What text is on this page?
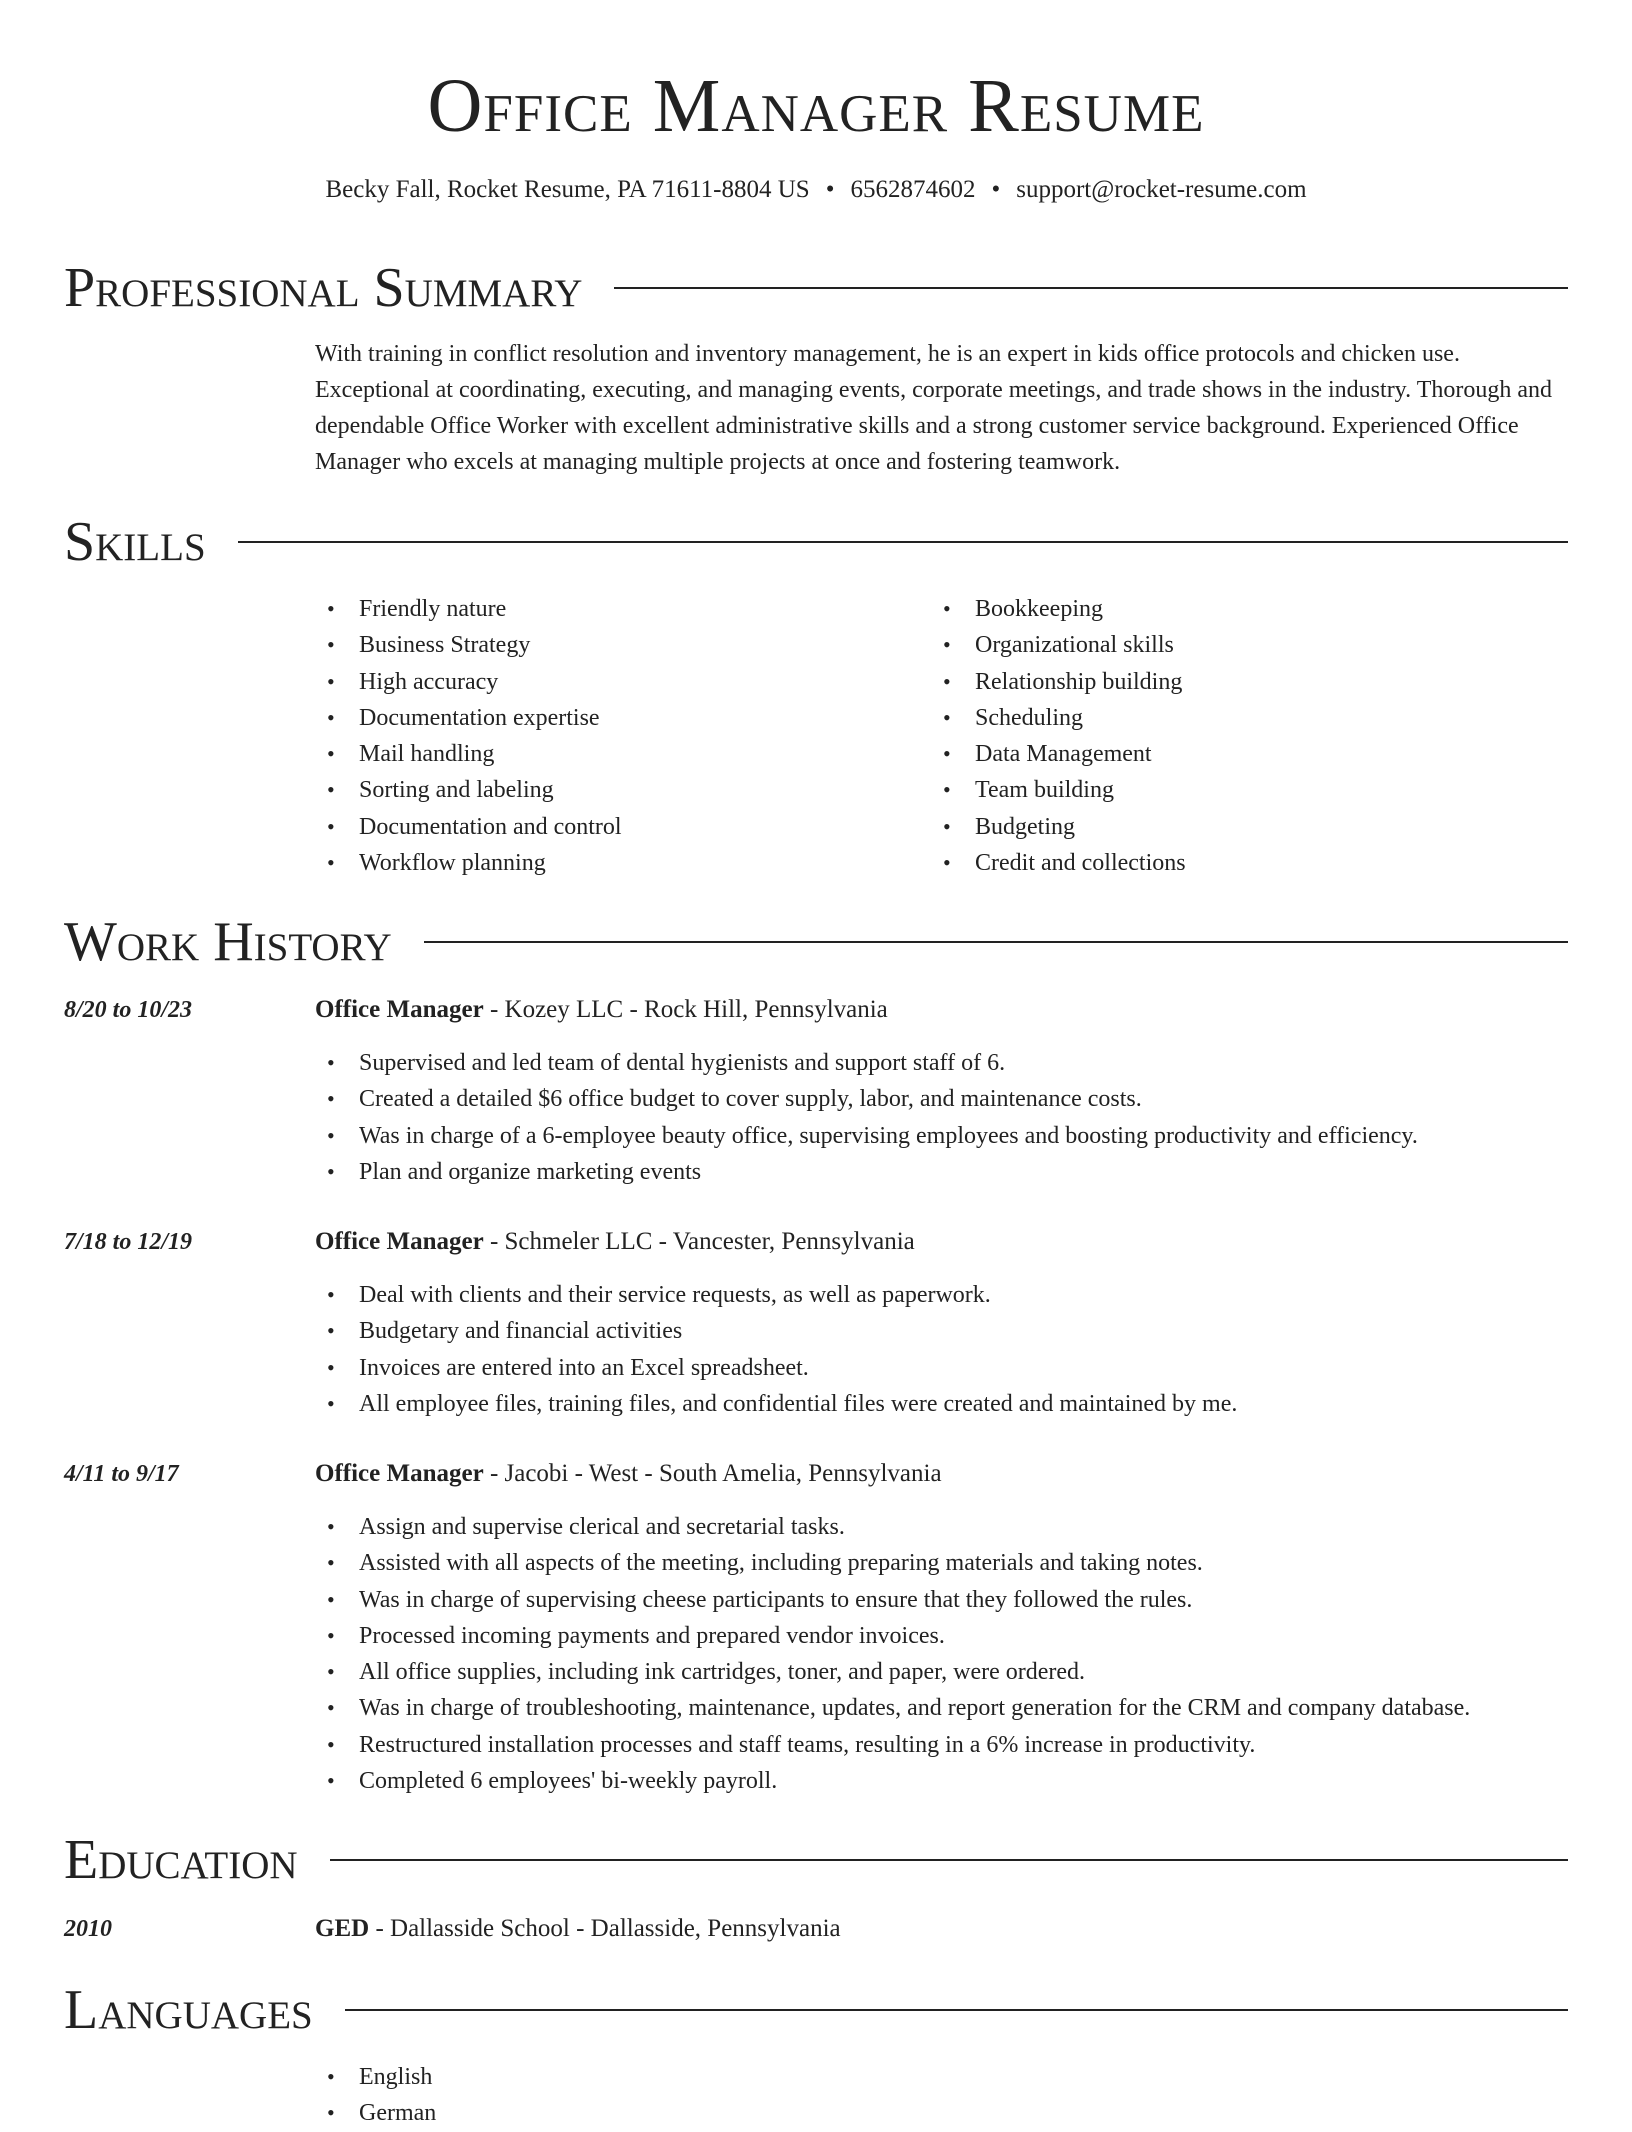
Office Manager Resume
Becky Fall, Rocket Resume, PA 71611-8804 US • 6562874602 • support@rocket-resume.com
Professional Summary

With training in conflict resolution and inventory management, he is an expert in kids office protocols and chicken use. Exceptional at coordinating, executing, and managing events, corporate meetings, and trade shows in the industry. Thorough and dependable Office Worker with excellent administrative skills and a strong customer service background. Experienced Office Manager who excels at managing multiple projects at once and fostering teamwork.

Skills
• Friendly nature
• Business Strategy
• High accuracy
• Documentation expertise
• Mail handling
• Sorting and labeling
• Documentation and control
• Workflow planning
• Bookkeeping
• Organizational skills
• Relationship building
• Scheduling
• Data Management
• Team building
• Budgeting
• Credit and collections
Work History
8/20 to 10/23	Office Manager - Kozey LLC - Rock Hill, Pennsylvania
• Supervised and led team of dental hygienists and support staff of 6.
• Created a detailed $6 office budget to cover supply, labor, and maintenance costs.
• Was in charge of a 6-employee beauty office, supervising employees and boosting productivity and efficiency.
• Plan and organize marketing events
7/18 to 12/19	Office Manager - Schmeler LLC - Vancester, Pennsylvania
• Deal with clients and their service requests, as well as paperwork.
• Budgetary and financial activities
• Invoices are entered into an Excel spreadsheet.
• All employee files, training files, and confidential files were created and maintained by me.
4/11 to 9/17	Office Manager - Jacobi - West - South Amelia, Pennsylvania
• Assign and supervise clerical and secretarial tasks.
• Assisted with all aspects of the meeting, including preparing materials and taking notes.
• Was in charge of supervising cheese participants to ensure that they followed the rules.
• Processed incoming payments and prepared vendor invoices.
• All office supplies, including ink cartridges, toner, and paper, were ordered.
• Was in charge of troubleshooting, maintenance, updates, and report generation for the CRM and company database.
• Restructured installation processes and staff teams, resulting in a 6% increase in productivity.
• Completed 6 employees' bi-weekly payroll.
Education
2010	GED - Dallasside School - Dallasside, Pennsylvania
Languages
• English
• German
